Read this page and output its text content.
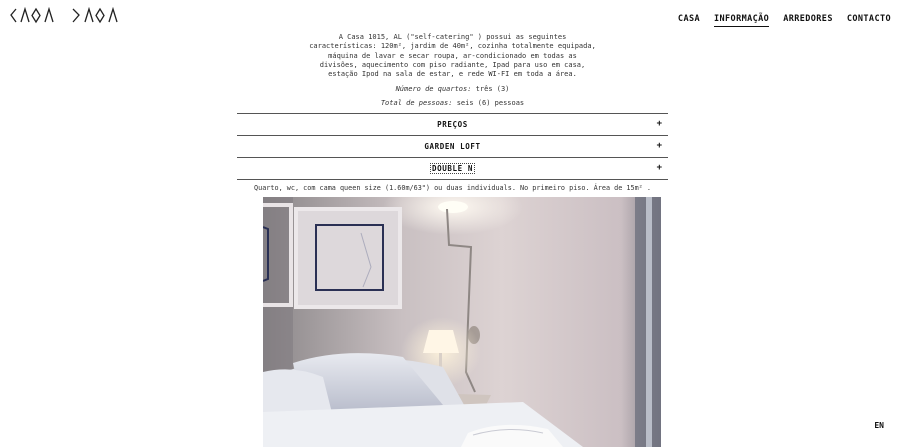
CASA INFORMAÇÃO ARREDORES CONTACTO

A Casa 1015, AL ("self-catering" ) possui as seguintes características: 120m², jardim de 40m², cozinha totalmente equipada, máquina de lavar e secar roupa, ar-condicionado em todas as divisões, aquecimento com piso radiante, Ipad para uso em casa, estação Ipod na sala de estar, e rede WI-FI em toda a área.

Número de quartos: três (3)

Total de pessoas: seis (6) pessoas

PREÇOS	+
GARDEN LOFT	+
DOUBLE N	+

Quarto, wc, com cama queen size (1.60m/63") ou duas individuals. No primeiro piso. Área de 15m² .

EN
